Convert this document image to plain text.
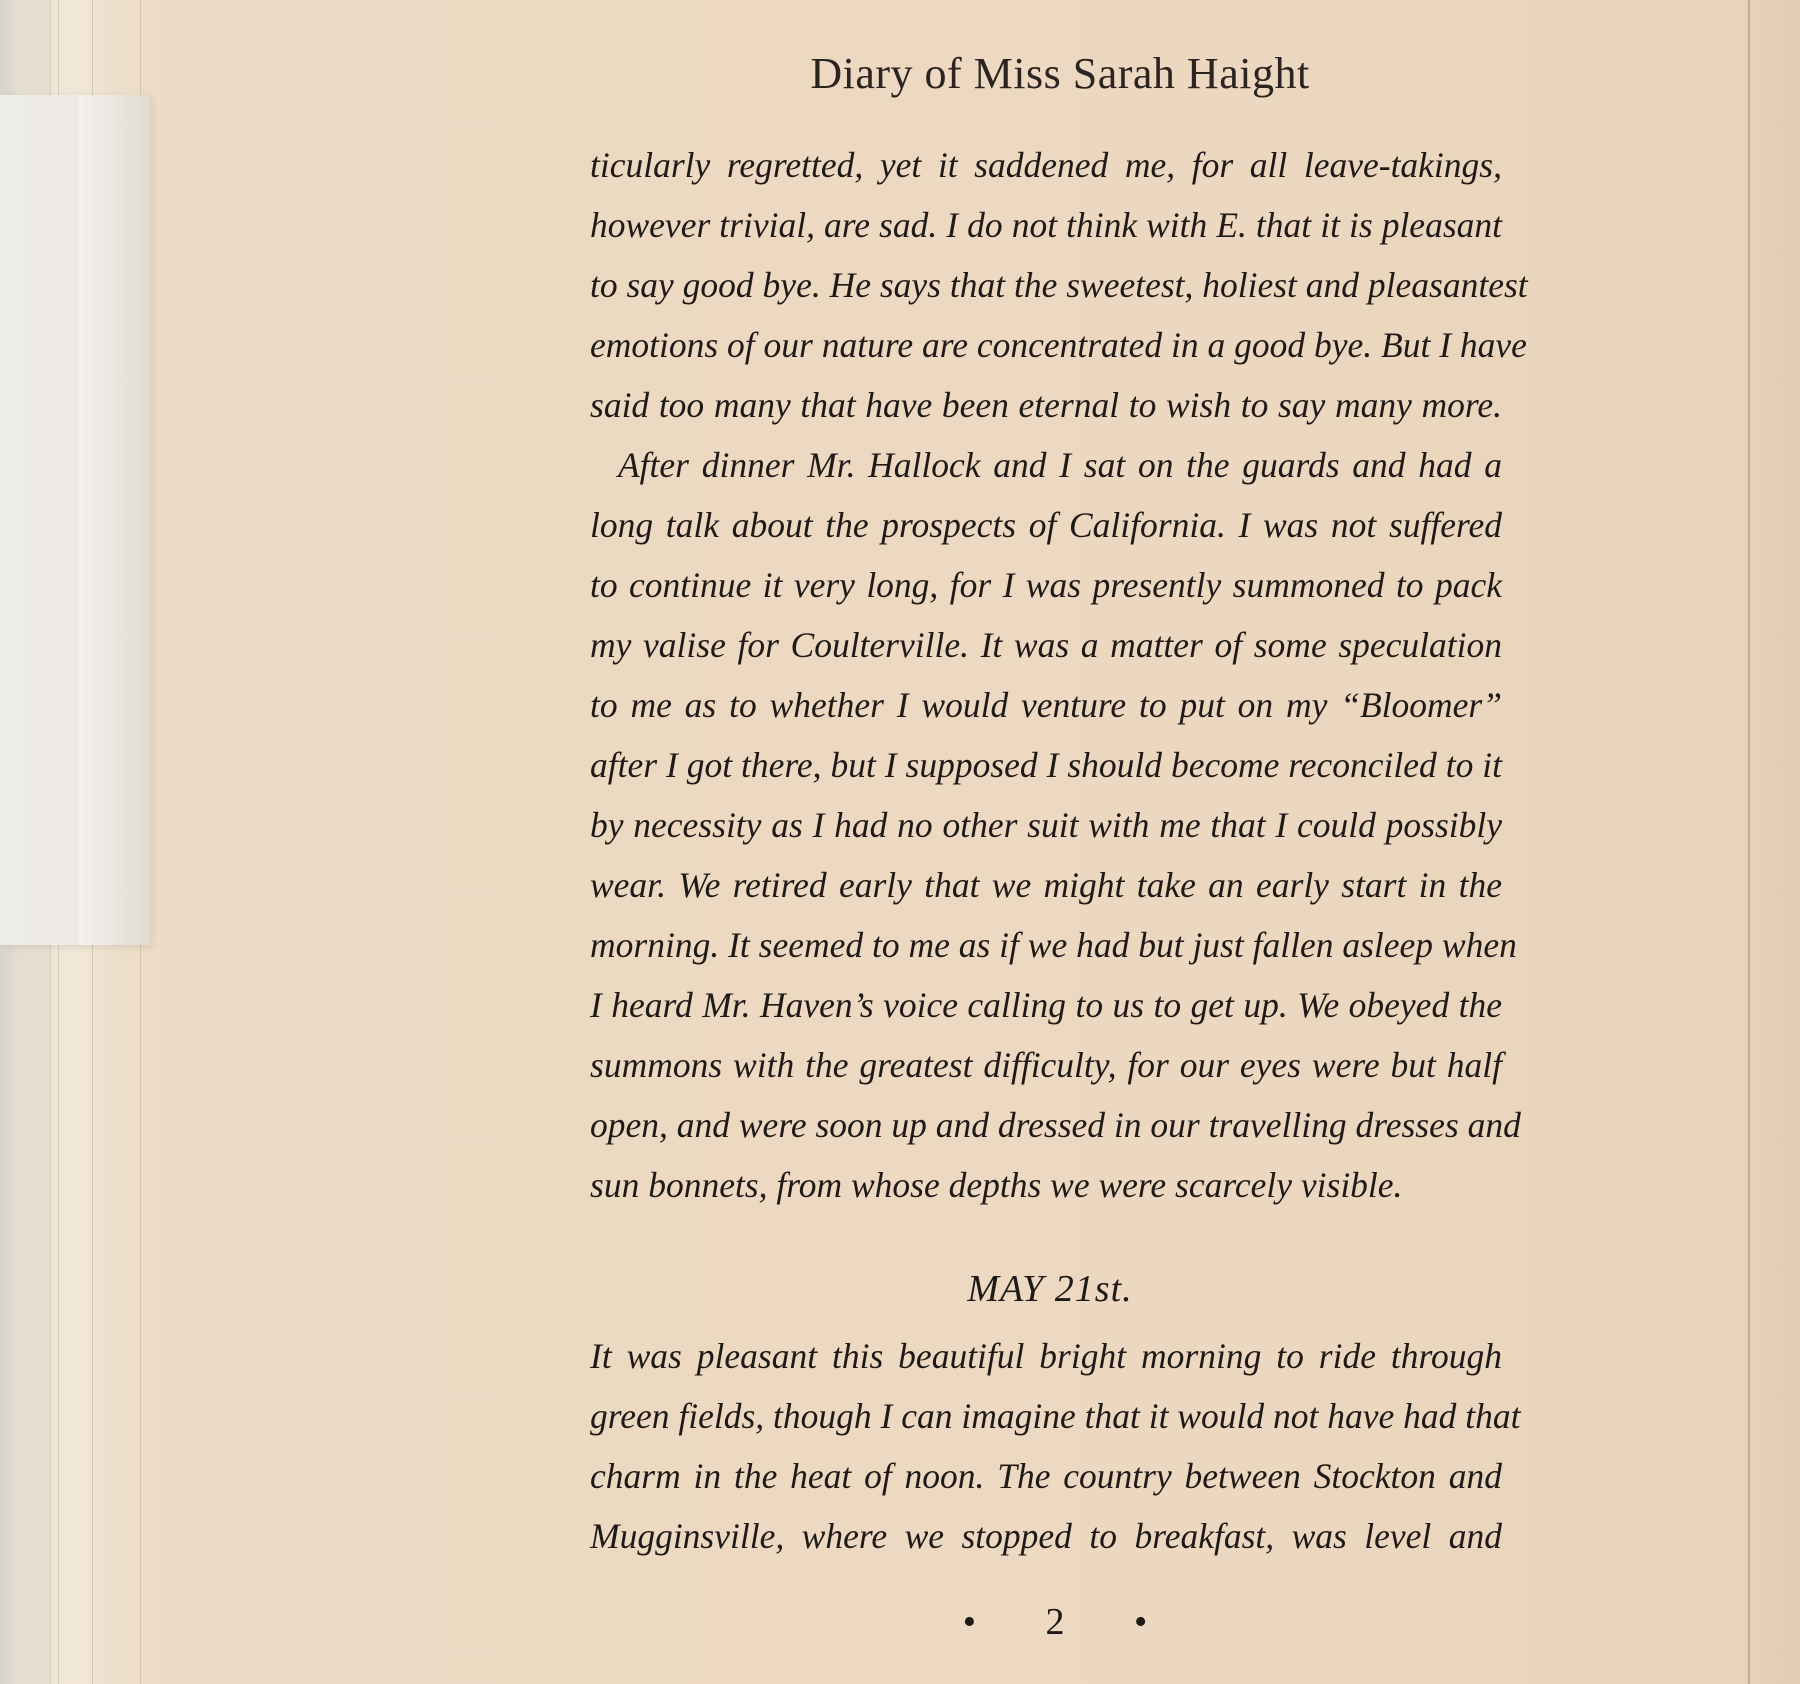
Diary of Miss Sarah Haight
ticularly regretted, yet it saddened me, for all leave-takings,
however trivial, are sad. I do not think with E. that it is pleasant
to say good bye. He says that the sweetest, holiest and pleasantest
emotions of our nature are concentrated in a good bye. But I have
said too many that have been eternal to wish to say many more.
After dinner Mr. Hallock and I sat on the guards and had a
long talk about the prospects of California. I was not suffered
to continue it very long, for I was presently summoned to pack
my valise for Coulterville. It was a matter of some speculation
to me as to whether I would venture to put on my “Bloomer”
after I got there, but I supposed I should become reconciled to it
by necessity as I had no other suit with me that I could possibly
wear. We retired early that we might take an early start in the
morning. It seemed to me as if we had but just fallen asleep when
I heard Mr. Haven’s voice calling to us to get up. We obeyed the
summons with the greatest difficulty, for our eyes were but half
open, and were soon up and dressed in our travelling dresses and
sun bonnets, from whose depths we were scarcely visible.
MAY 21st.
It was pleasant this beautiful bright morning to ride through
green fields, though I can imagine that it would not have had that
charm in the heat of noon. The country between Stockton and
Mugginsville, where we stopped to breakfast, was level and
• 2 •
